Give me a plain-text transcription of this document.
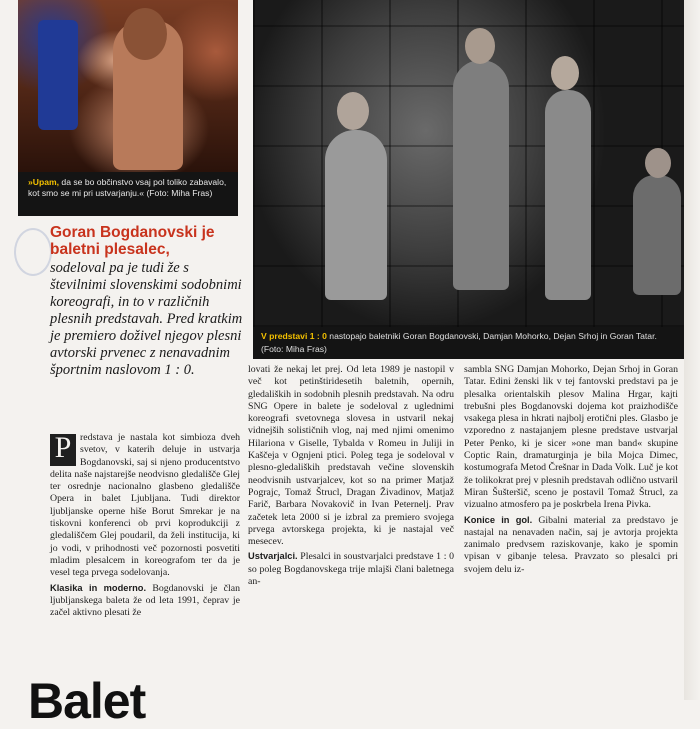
»Upam, da se bo občinstvo vsaj pol toliko zabavalo, kot smo se mi pri ustvarjanju.« (Foto: Miha Fras)

V predstavi 1 : 0 nastopajo baletniki Goran Bogdanovski, Damjan Mohorko, Dejan Srhoj in Goran Tatar. (Foto: Miha Fras)

Goran Bogdanovski je baletni plesalec,

sodeloval pa je tudi že s številnimi slovenskimi sodobnimi koreografi, in to v različnih plesnih predstavah. Pred kratkim je premiero doživel njegov plesni avtorski prvenec z nenavadnim športnim naslovom 1 : 0.

P redstava je nastala kot simbioza dveh svetov, v katerih deluje in ustvarja Bogdanovski, saj si njeno producentstvo delita naše najstarejše neodvisno gledališče Glej ter osrednje nacionalno glasbeno gledališče Opera in balet Ljubljana. Tudi direktor ljubljanske operne hiše Borut Smrekar je na tiskovni konferenci ob prvi koprodukciji z gledališčem Glej poudaril, da želi institucija, ki jo vodi, v prihodnosti več pozornosti posvetiti mladim plesalcem in koreografom ter da je vesel tega prvega sodelovanja.

Klasika in moderno. Bogdanovski je član ljubljanskega baleta že od leta 1991, čeprav je začel aktivno plesati že

lovati že nekaj let prej. Od leta 1989 je nastopil v več kot petinštiridesetih baletnih, opernih, gledaliških in sodobnih plesnih predstavah. Na odru SNG Opere in balete je sodeloval z uglednimi koreografi svetovnega slovesa in ustvaril nekaj vidnejših solističnih vlog, naj med njimi omenimo Hilariona v Giselle, Tybalda v Romeu in Juliji in Kaščeja v Ognjeni ptici. Poleg tega je sodeloval v plesno-gledaliških predstavah večine slovenskih neodvisnih ustvarjalcev, kot so na primer Matjaž Pograjc, Tomaž Štrucl, Dragan Živadinov, Matjaž Farič, Barbara Novakovič in Ivan Peternelj. Prav začetek leta 2000 si je izbral za premiero svojega prvega avtorskega projekta, ki je nastajal več mesecev.

Ustvarjalci. Plesalci in soustvarjalci predstave 1 : 0 so poleg Bogdanovskega trije mlajši člani baletnega an-

sambla SNG Damjan Mohorko, Dejan Srhoj in Goran Tatar. Edini ženski lik v tej fantovski predstavi pa je plesalka orientalskih plesov Malina Hrgar, kajti trebušni ples Bogdanovski dojema kot praizhodišče vsakega plesa in hkrati najbolj erotični ples. Glasbo je vzporedno z nastajanjem plesne predstave ustvarjal Peter Penko, ki je sicer »one man band« skupine Coptic Rain, dramaturginja je bila Mojca Dimec, kostumografa Metod Črešnar in Dada Volk. Luč je kot že tolikokrat prej v plesnih predstavah odlično ustvaril Miran Šušteršič, sceno je postavil Tomaž Štrucl, za vizualno atmosfero pa je poskrbela Irena Pivka.

Konice in gol. Gibalni material za predstavo je nastajal na nenavaden način, saj je avtorja projekta zanimalo predvsem raziskovanje, kako je spomin vpisan v gibanje telesa. Pravzato so plesalci pri svojem delu iz-

Balet
